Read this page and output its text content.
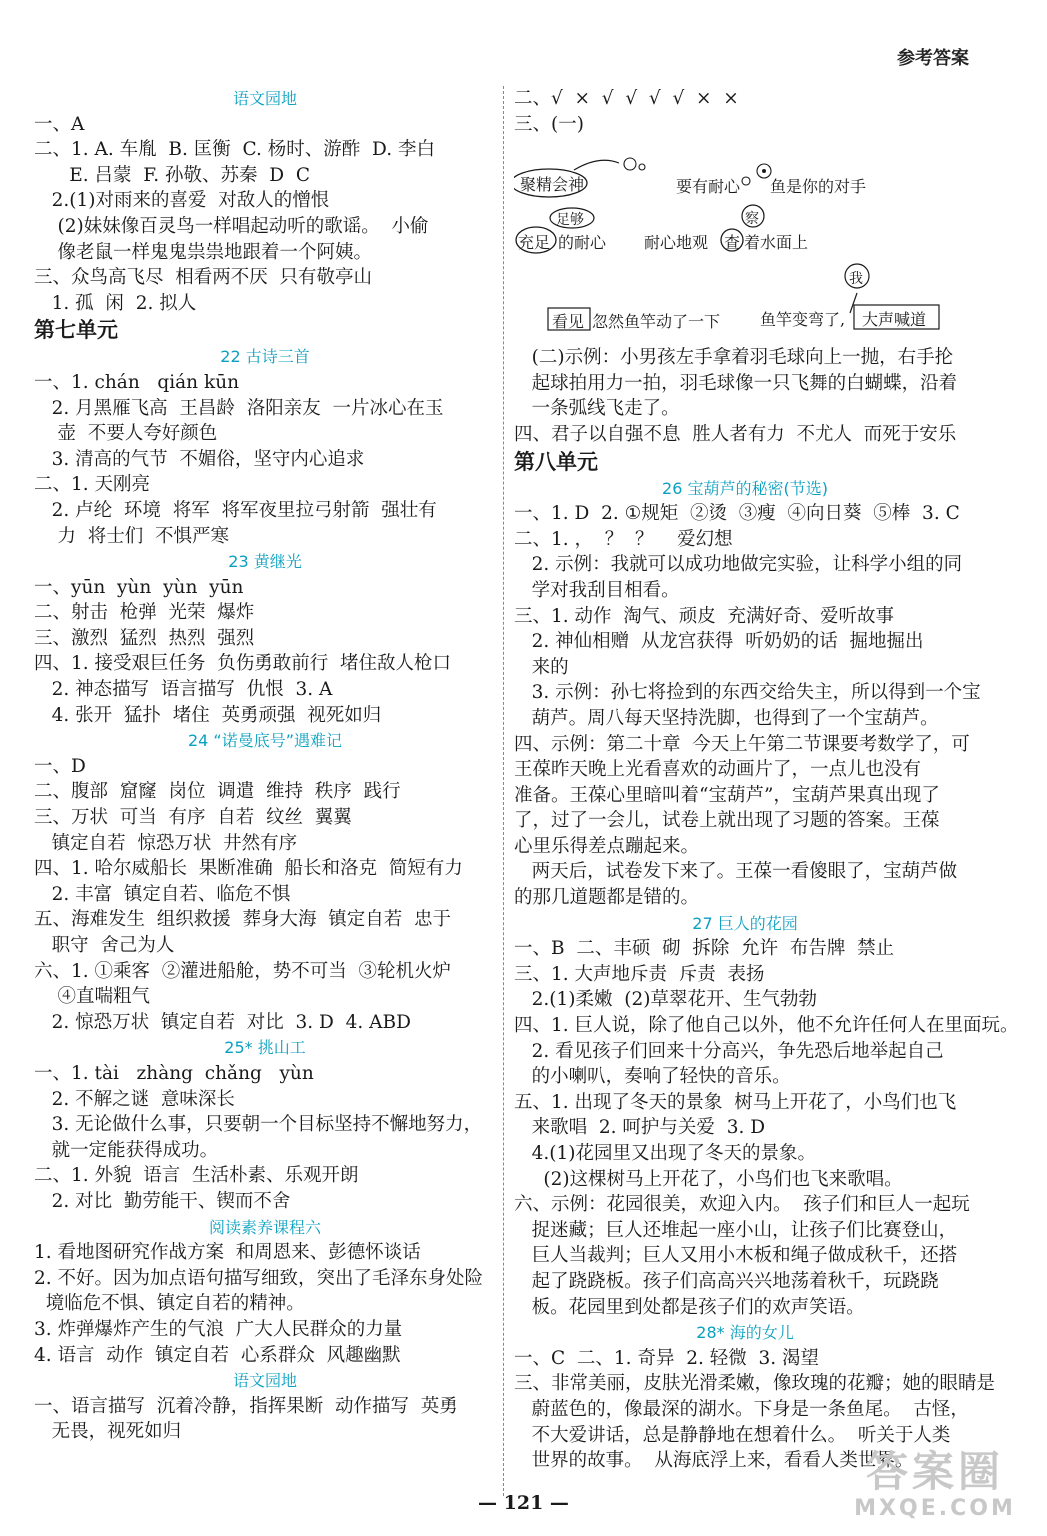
参考答案
语文园地
一、A
二、1. A. 车胤  B. 匡衡  C. 杨时、游酢  D. 李白
E. 吕蒙  F. 孙敬、苏秦  D  C
2.(1)对雨来的喜爱  对敌人的憎恨
(2)妹妹像百灵鸟一样唱起动听的歌谣。  小偷
像老鼠一样鬼鬼祟祟地跟着一个阿姨。
三、众鸟高飞尽  相看两不厌  只有敬亭山
1. 孤  闲  2. 拟人
第七单元
22 古诗三首
一、1. chán   qián kūn
2. 月黑雁飞高  王昌龄  洛阳亲友  一片冰心在玉
壶  不要人夸好颜色
3. 清高的气节  不媚俗，坚守内心追求
二、1. 天刚亮
2. 卢纶  环境  将军  将军夜里拉弓射箭  强壮有
力  将士们  不惧严寒
23 黄继光
一、yūn  yùn  yùn  yūn
二、射击  枪弹  光荣  爆炸
三、激烈  猛烈  热烈  强烈
四、1. 接受艰巨任务  负伤勇敢前行  堵住敌人枪口
2. 神态描写  语言描写  仇恨  3. A
4. 张开  猛扑  堵住  英勇顽强  视死如归
24 “诺曼底号”遇难记
一、D
二、腹部  窟窿  岗位  调遣  维持  秩序  践行
三、万状  可当  有序  自若  纹丝  翼翼
镇定自若  惊恐万状  井然有序
四、1. 哈尔威船长  果断准确  船长和洛克  简短有力
2. 丰富  镇定自若、临危不惧
五、海难发生  组织救援  葬身大海  镇定自若  忠于
职守  舍己为人
六、1. ①乘客  ②灌进船舱，势不可当  ③轮机火炉
④直喘粗气
2. 惊恐万状  镇定自若  对比  3. D  4. ABD
25* 挑山工
一、1. tài   zhàng  chǎng   yùn
2. 不解之谜  意味深长
3. 无论做什么事，只要朝一个目标坚持不懈地努力，
就一定能获得成功。
二、1. 外貌  语言  生活朴素、乐观开朗
2. 对比  勤劳能干、锲而不舍
阅读素养课程六
1. 看地图研究作战方案  和周恩来、彭德怀谈话
2. 不好。因为加点语句描写细致，突出了毛泽东身处险
境临危不惧、镇定自若的精神。
3. 炸弹爆炸产生的气浪  广大人民群众的力量
4. 语言  动作  镇定自若  心系群众  风趣幽默
语文园地
一、语言描写  沉着冷静，指挥果断  动作描写  英勇
无畏，视死如归
二、√  ×  √  √  √  √  ×  ×
三、(一)
聚精会神	要有耐心 鱼是你的对手
足够
充足 的耐心 耐心地观 查
察
着水面上
看见 忽然鱼竿动了一下 鱼竿变弯了,
我
大声喊道
(二)示例：小男孩左手拿着羽毛球向上一抛，右手抡
起球拍用力一拍，羽毛球像一只飞舞的白蝴蝶，沿着
一条弧线飞走了。
四、君子以自强不息  胜人者有力  不尤人  而死于安乐
第八单元
26 宝葫芦的秘密(节选)
一、1. D  2. ①规矩  ②烫  ③瘦  ④向日葵  ⑤棒  3. C
二、1. ，  ？  ？    爱幻想
2. 示例：我就可以成功地做完实验，让科学小组的同
学对我刮目相看。
三、1. 动作  淘气、顽皮  充满好奇、爱听故事
2. 神仙相赠  从龙宫获得  听奶奶的话  掘地掘出
来的
3. 示例：孙七将捡到的东西交给失主，所以得到一个宝
葫芦。周八每天坚持洗脚，也得到了一个宝葫芦。
四、示例：第二十章  今天上午第二节课要考数学了，可
王葆昨天晚上光看喜欢的动画片了，一点儿也没有
准备。王葆心里暗叫着“宝葫芦”，宝葫芦果真出现了
了，过了一会儿，试卷上就出现了习题的答案。王葆
心里乐得差点蹦起来。
两天后，试卷发下来了。王葆一看傻眼了，宝葫芦做
的那几道题都是错的。
27 巨人的花园
一、B  二、丰硕  砌  拆除  允许  布告牌  禁止
三、1. 大声地斥责  斥责  表扬
2.(1)柔嫩  (2)草翠花开、生气勃勃
四、1. 巨人说，除了他自己以外，他不允许任何人在里面玩。
2. 看见孩子们回来十分高兴，争先恐后地举起自己
的小喇叭，奏响了轻快的音乐。
五、1. 出现了冬天的景象  树马上开花了，小鸟们也飞
来歌唱  2. 呵护与关爱  3. D
4.(1)花园里又出现了冬天的景象。
(2)这棵树马上开花了，小鸟们也飞来歌唱。
六、示例：花园很美，欢迎入内。  孩子们和巨人一起玩
捉迷藏；巨人还堆起一座小山，让孩子们比赛登山，
巨人当裁判；巨人又用小木板和绳子做成秋千，还搭
起了跷跷板。孩子们高高兴兴地荡着秋千，玩跷跷
板。花园里到处都是孩子们的欢声笑语。
28* 海的女儿
一、C  二、1. 奇异  2. 轻微  3. 渴望
三、非常美丽，皮肤光滑柔嫩，像玫瑰的花瓣；她的眼睛是
蔚蓝色的，像最深的湖水。下身是一条鱼尾。  古怪，
不大爱讲话，总是静静地在想着什么。  听关于人类
世界的故事。  从海底浮上来，看看人类世界。
— 121 —
答案圈
MXQE.COM
